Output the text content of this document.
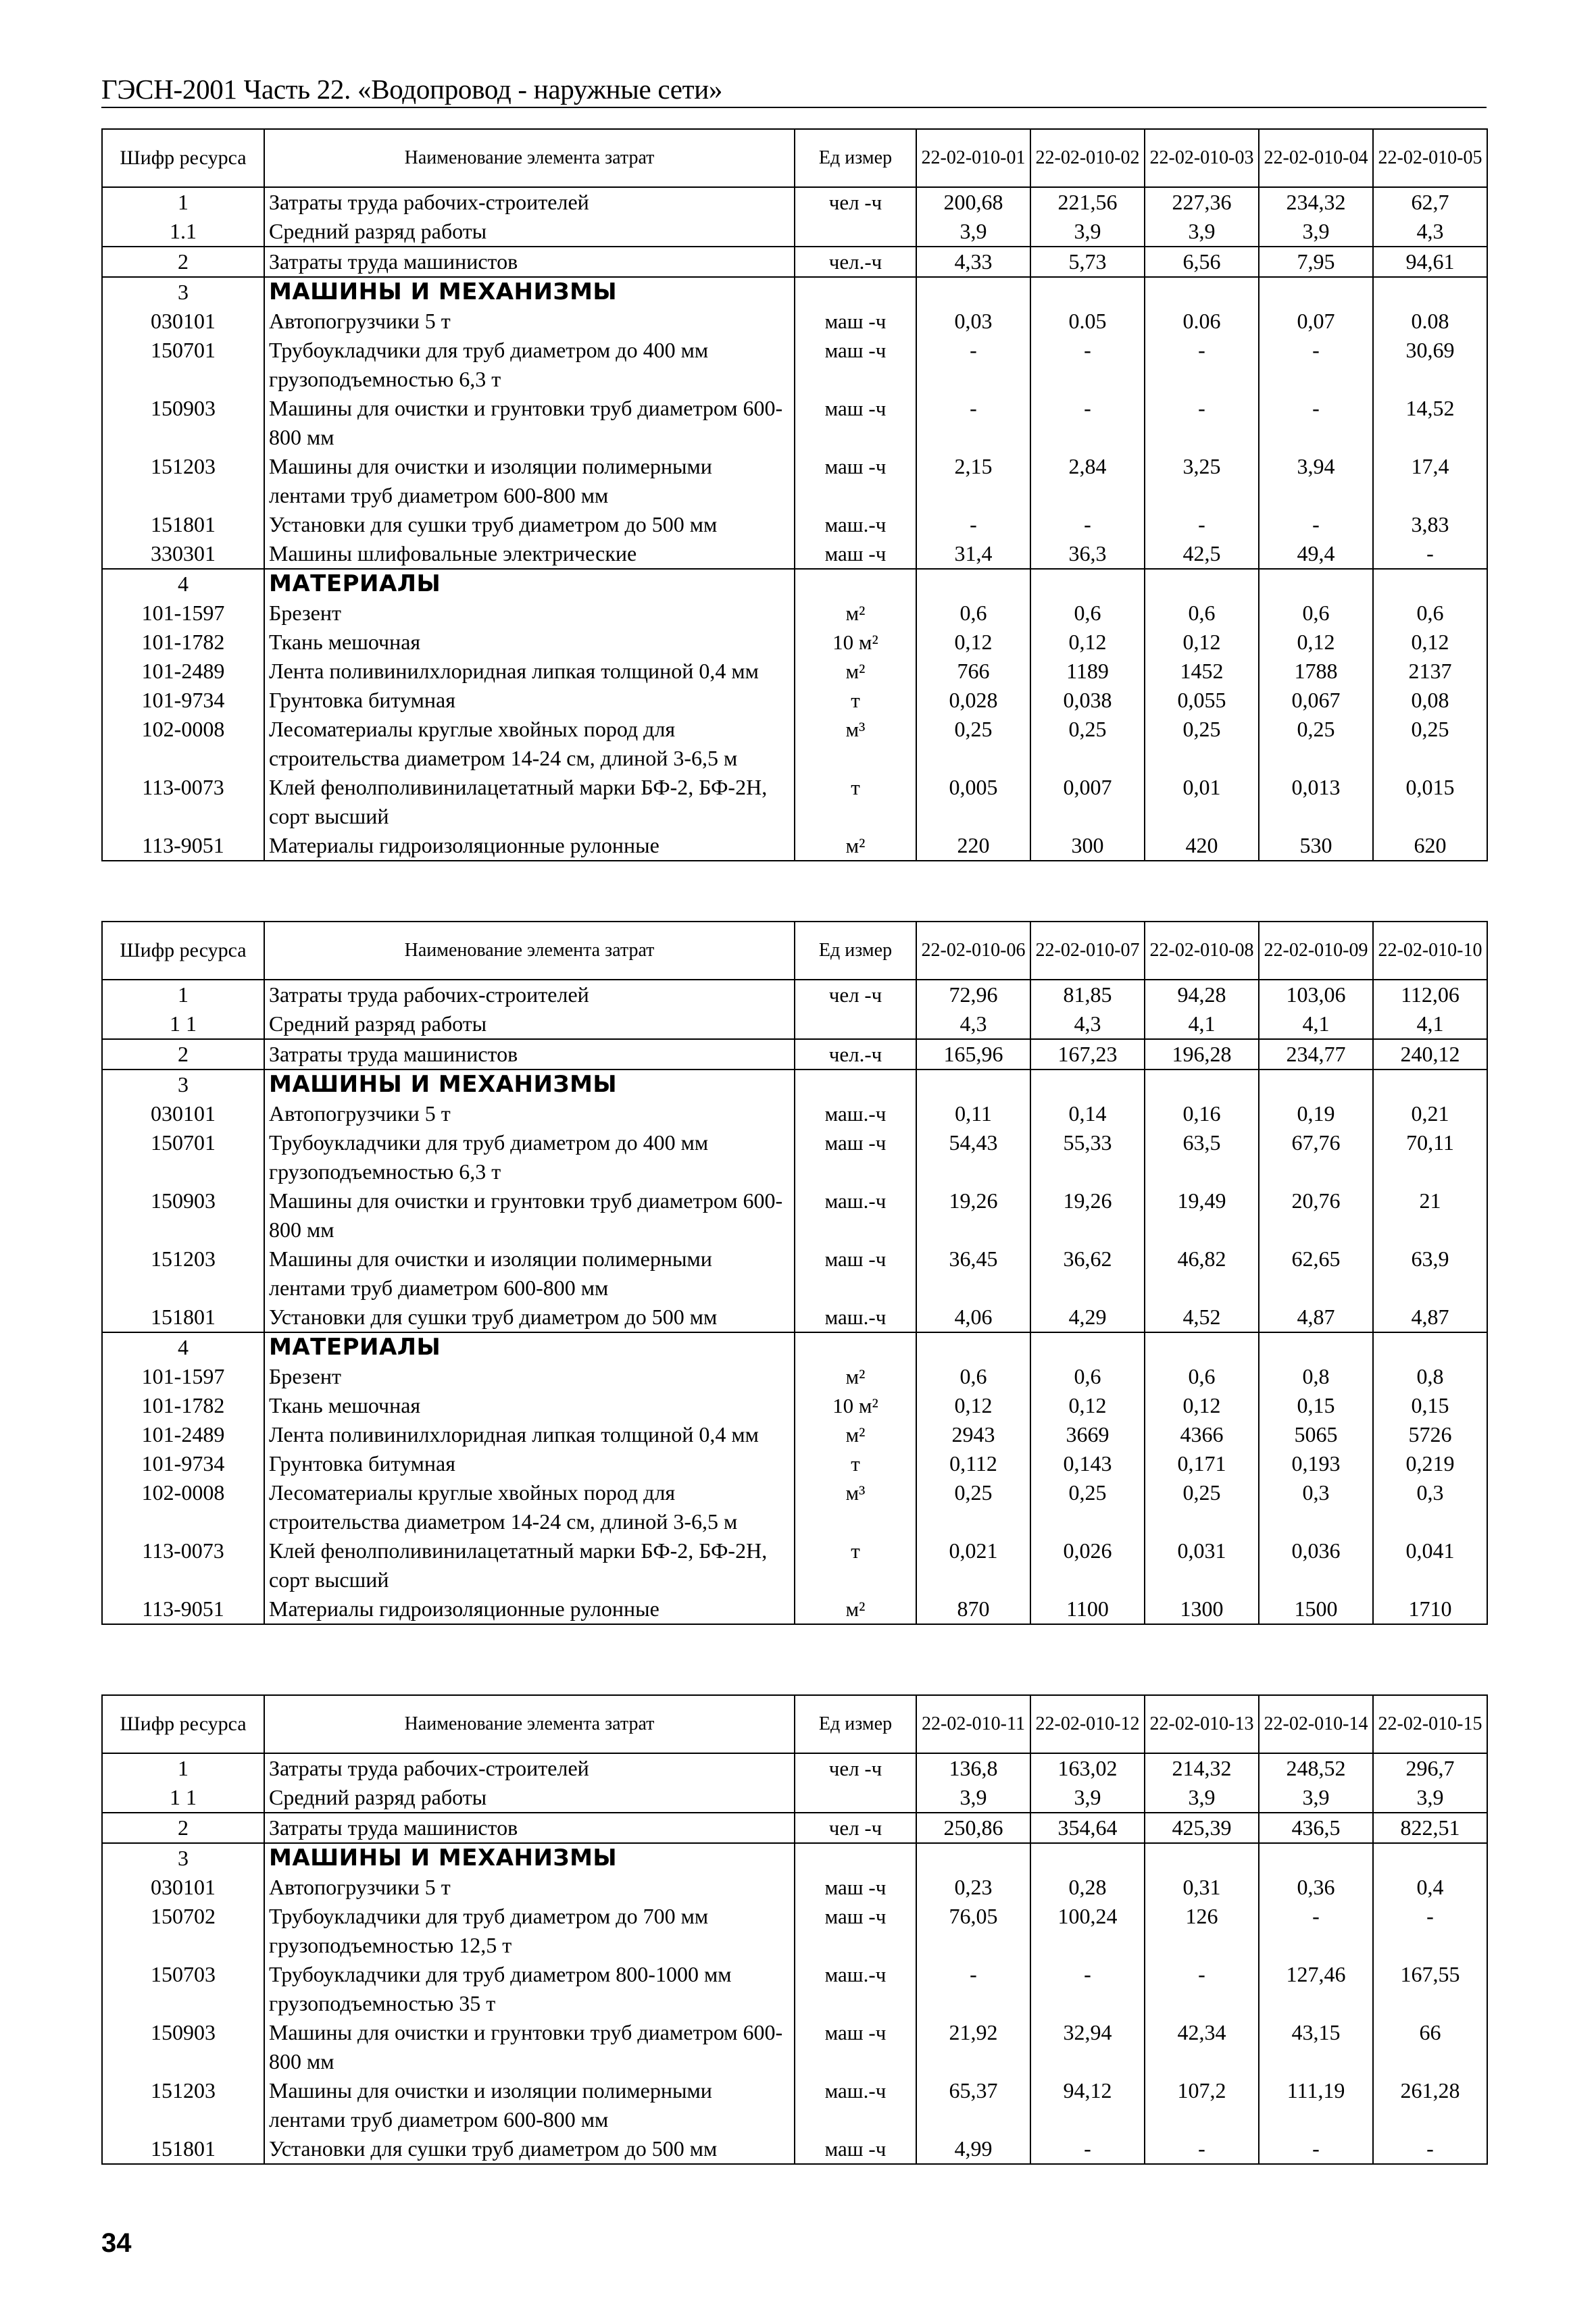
ГЭСН-2001 Часть 22. «Водопровод - наружные сети»
Шифр ресурса	Наименование элемента затрат	Ед измер	22-02-010-01	22-02-010-02	22-02-010-03	22-02-010-04	22-02-010-05
1	Затраты труда рабочих-строителей	чел -ч	200,68	221,56	227,36	234,32	62,7
1.1	Средний разряд работы		3,9	3,9	3,9	3,9	4,3
2	Затраты труда машинистов	чел.-ч	4,33	5,73	6,56	7,95	94,61
3	МАШИНЫ И МЕХАНИЗМЫ						
030101	Автопогрузчики 5 т	маш -ч	0,03	0.05	0.06	0,07	0.08
150701	Трубоукладчики для труб диаметром до 400 мм грузоподъемностью 6,3 т	маш -ч	-	-	-	-	30,69
150903	Машины для очистки и грунтовки труб диаметром 600-800 мм	маш -ч	-	-	-	-	14,52
151203	Машины для очистки и изоляции полимерными лентами труб диаметром 600-800 мм	маш -ч	2,15	2,84	3,25	3,94	17,4
151801	Установки для сушки труб диаметром до 500 мм	маш.-ч	-	-	-	-	3,83
330301	Машины шлифовальные электрические	маш -ч	31,4	36,3	42,5	49,4	-
4	МАТЕРИАЛЫ						
101-1597	Брезент	м²	0,6	0,6	0,6	0,6	0,6
101-1782	Ткань мешочная	10 м²	0,12	0,12	0,12	0,12	0,12
101-2489	Лента поливинилхлоридная липкая толщиной 0,4 мм	м²	766	1189	1452	1788	2137
101-9734	Грунтовка битумная	т	0,028	0,038	0,055	0,067	0,08
102-0008	Лесоматериалы круглые хвойных пород для строительства диаметром 14-24 см, длиной 3-6,5 м	м³	0,25	0,25	0,25	0,25	0,25
113-0073	Клей фенолполивинилацетатный марки БФ-2, БФ-2Н, сорт высший	т	0,005	0,007	0,01	0,013	0,015
113-9051	Материалы гидроизоляционные рулонные	м²	220	300	420	530	620
Шифр ресурса	Наименование элемента затрат	Ед измер	22-02-010-06	22-02-010-07	22-02-010-08	22-02-010-09	22-02-010-10
1	Затраты труда рабочих-строителей	чел -ч	72,96	81,85	94,28	103,06	112,06
1 1	Средний разряд работы		4,3	4,3	4,1	4,1	4,1
2	Затраты труда машинистов	чел.-ч	165,96	167,23	196,28	234,77	240,12
3	МАШИНЫ И МЕХАНИЗМЫ						
030101	Автопогрузчики 5 т	маш.-ч	0,11	0,14	0,16	0,19	0,21
150701	Трубоукладчики для труб диаметром до 400 мм грузоподъемностью 6,3 т	маш -ч	54,43	55,33	63,5	67,76	70,11
150903	Машины для очистки и грунтовки труб диаметром 600-800 мм	маш.-ч	19,26	19,26	19,49	20,76	21
151203	Машины для очистки и изоляции полимерными лентами труб диаметром 600-800 мм	маш -ч	36,45	36,62	46,82	62,65	63,9
151801	Установки для сушки труб диаметром до 500 мм	маш.-ч	4,06	4,29	4,52	4,87	4,87
4	МАТЕРИАЛЫ						
101-1597	Брезент	м²	0,6	0,6	0,6	0,8	0,8
101-1782	Ткань мешочная	10 м²	0,12	0,12	0,12	0,15	0,15
101-2489	Лента поливинилхлоридная липкая толщиной 0,4 мм	м²	2943	3669	4366	5065	5726
101-9734	Грунтовка битумная	т	0,112	0,143	0,171	0,193	0,219
102-0008	Лесоматериалы круглые хвойных пород для строительства диаметром 14-24 см, длиной 3-6,5 м	м³	0,25	0,25	0,25	0,3	0,3
113-0073	Клей фенолполивинилацетатный марки БФ-2, БФ-2Н, сорт высший	т	0,021	0,026	0,031	0,036	0,041
113-9051	Материалы гидроизоляционные рулонные	м²	870	1100	1300	1500	1710
Шифр ресурса	Наименование элемента затрат	Ед измер	22-02-010-11	22-02-010-12	22-02-010-13	22-02-010-14	22-02-010-15
1	Затраты труда рабочих-строителей	чел -ч	136,8	163,02	214,32	248,52	296,7
1 1	Средний разряд работы		3,9	3,9	3,9	3,9	3,9
2	Затраты труда машинистов	чел -ч	250,86	354,64	425,39	436,5	822,51
3	МАШИНЫ И МЕХАНИЗМЫ						
030101	Автопогрузчики 5 т	маш -ч	0,23	0,28	0,31	0,36	0,4
150702	Трубоукладчики для труб диаметром до 700 мм грузоподъемностью 12,5 т	маш -ч	76,05	100,24	126	-	-
150703	Трубоукладчики для труб диаметром 800-1000 мм грузоподъемностью 35 т	маш.-ч	-	-	-	127,46	167,55
150903	Машины для очистки и грунтовки труб диаметром 600-800 мм	маш -ч	21,92	32,94	42,34	43,15	66
151203	Машины для очистки и изоляции полимерными лентами труб диаметром 600-800 мм	маш.-ч	65,37	94,12	107,2	111,19	261,28
151801	Установки для сушки труб диаметром до 500 мм	маш -ч	4,99	-	-	-	-
34
